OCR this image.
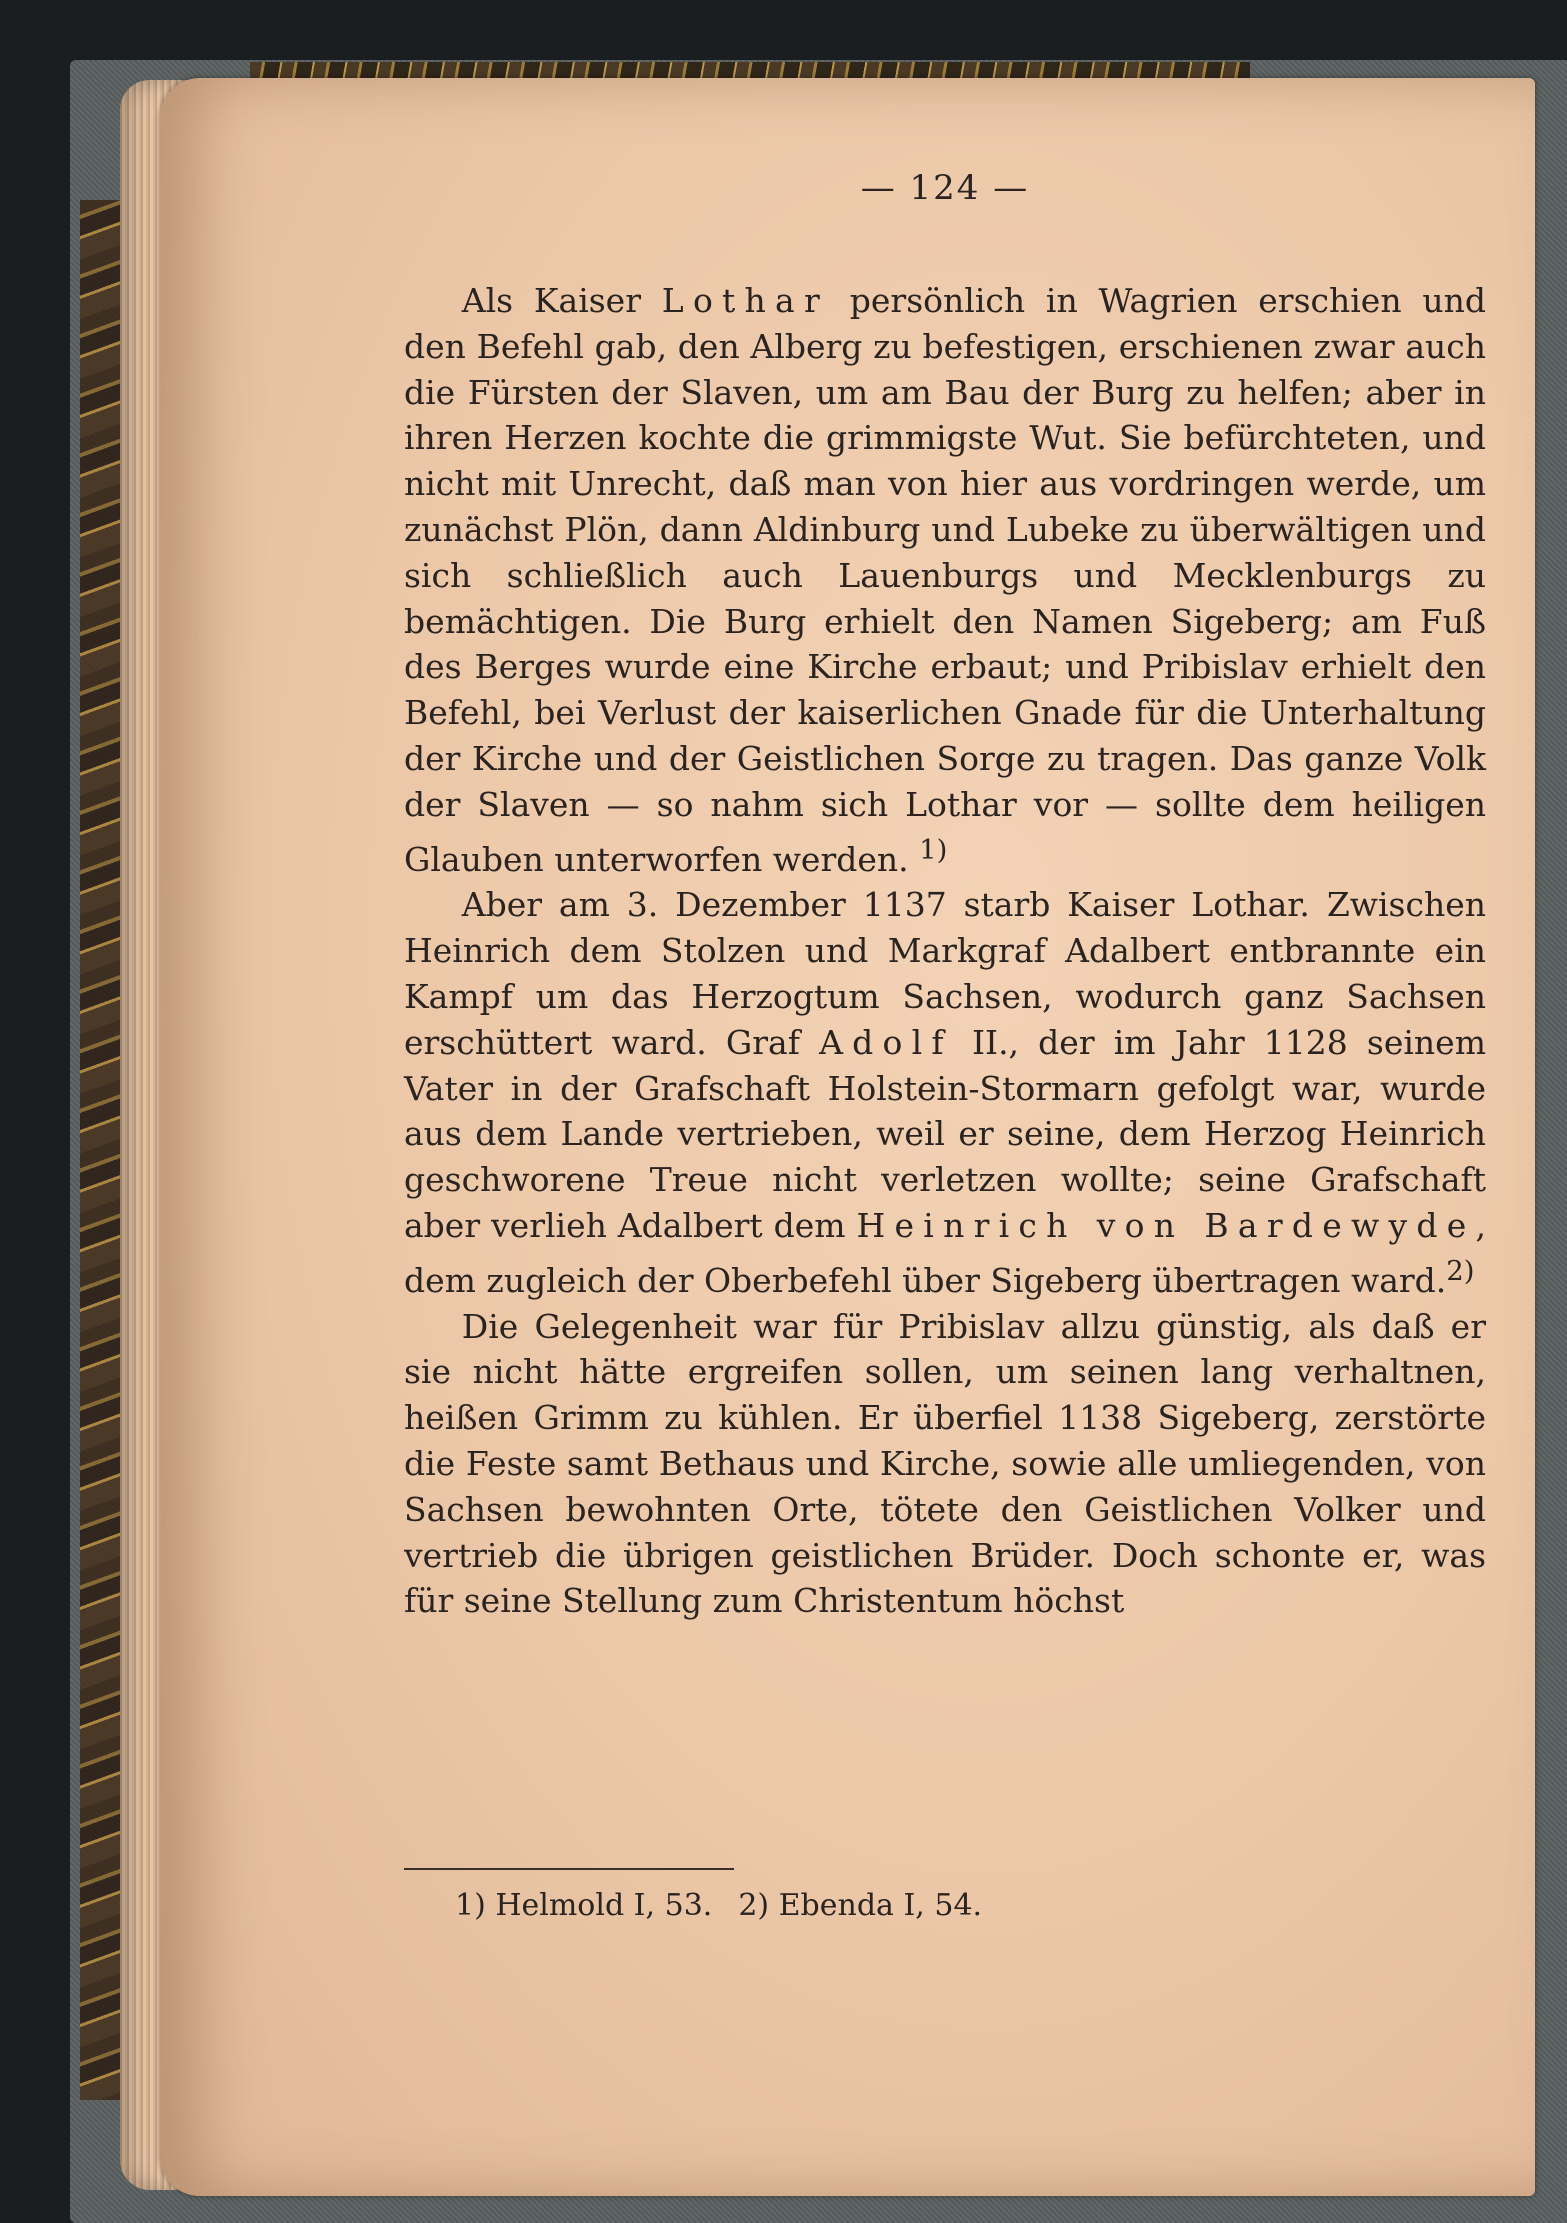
— 124 —

Als Kaiser Lothar persönlich in Wagrien erschien und den Befehl gab, den Alberg zu befestigen, erschienen zwar auch die Fürsten der Slaven, um am Bau der Burg zu helfen; aber in ihren Herzen kochte die grimmigste Wut. Sie befürchteten, und nicht mit Unrecht, daß man von hier aus vordringen werde, um zunächst Plön, dann Aldinburg und Lubeke zu überwältigen und sich schließlich auch Lauenburgs und Mecklenburgs zu bemächtigen. Die Burg erhielt den Namen Sigeberg; am Fuß des Berges wurde eine Kirche erbaut; und Pribislav erhielt den Befehl, bei Verlust der kaiserlichen Gnade für die Unterhaltung der Kirche und der Geistlichen Sorge zu tragen. Das ganze Volk der Slaven — so nahm sich Lothar vor — sollte dem heiligen Glauben unterworfen werden. $^{1)}$

Aber am 3. Dezember 1137 starb Kaiser Lothar. Zwischen Heinrich dem Stolzen und Markgraf Adalbert entbrannte ein Kampf um das Herzogtum Sachsen, wodurch ganz Sachsen erschüttert ward. Graf Adolf II., der im Jahr 1128 seinem Vater in der Grafschaft Holstein-Stormarn gefolgt war, wurde aus dem Lande vertrieben, weil er seine, dem Herzog Heinrich geschworene Treue nicht verletzen wollte; seine Grafschaft aber verlieh Adalbert dem Heinrich von Bardewyde, dem zugleich der Oberbefehl über Sigeberg übertragen ward.$^{2)}$

Die Gelegenheit war für Pribislav allzu günstig, als daß er sie nicht hätte ergreifen sollen, um seinen lang verhaltnen, heißen Grimm zu kühlen. Er überfiel 1138 Sigeberg, zerstörte die Feste samt Bethaus und Kirche, sowie alle umliegenden, von Sachsen bewohnten Orte, tötete den Geistlichen Volker und vertrieb die übrigen geistlichen Brüder. Doch schonte er, was für seine Stellung zum Christentum höchst

1) Helmold I, 53. 2) Ebenda I, 54.
